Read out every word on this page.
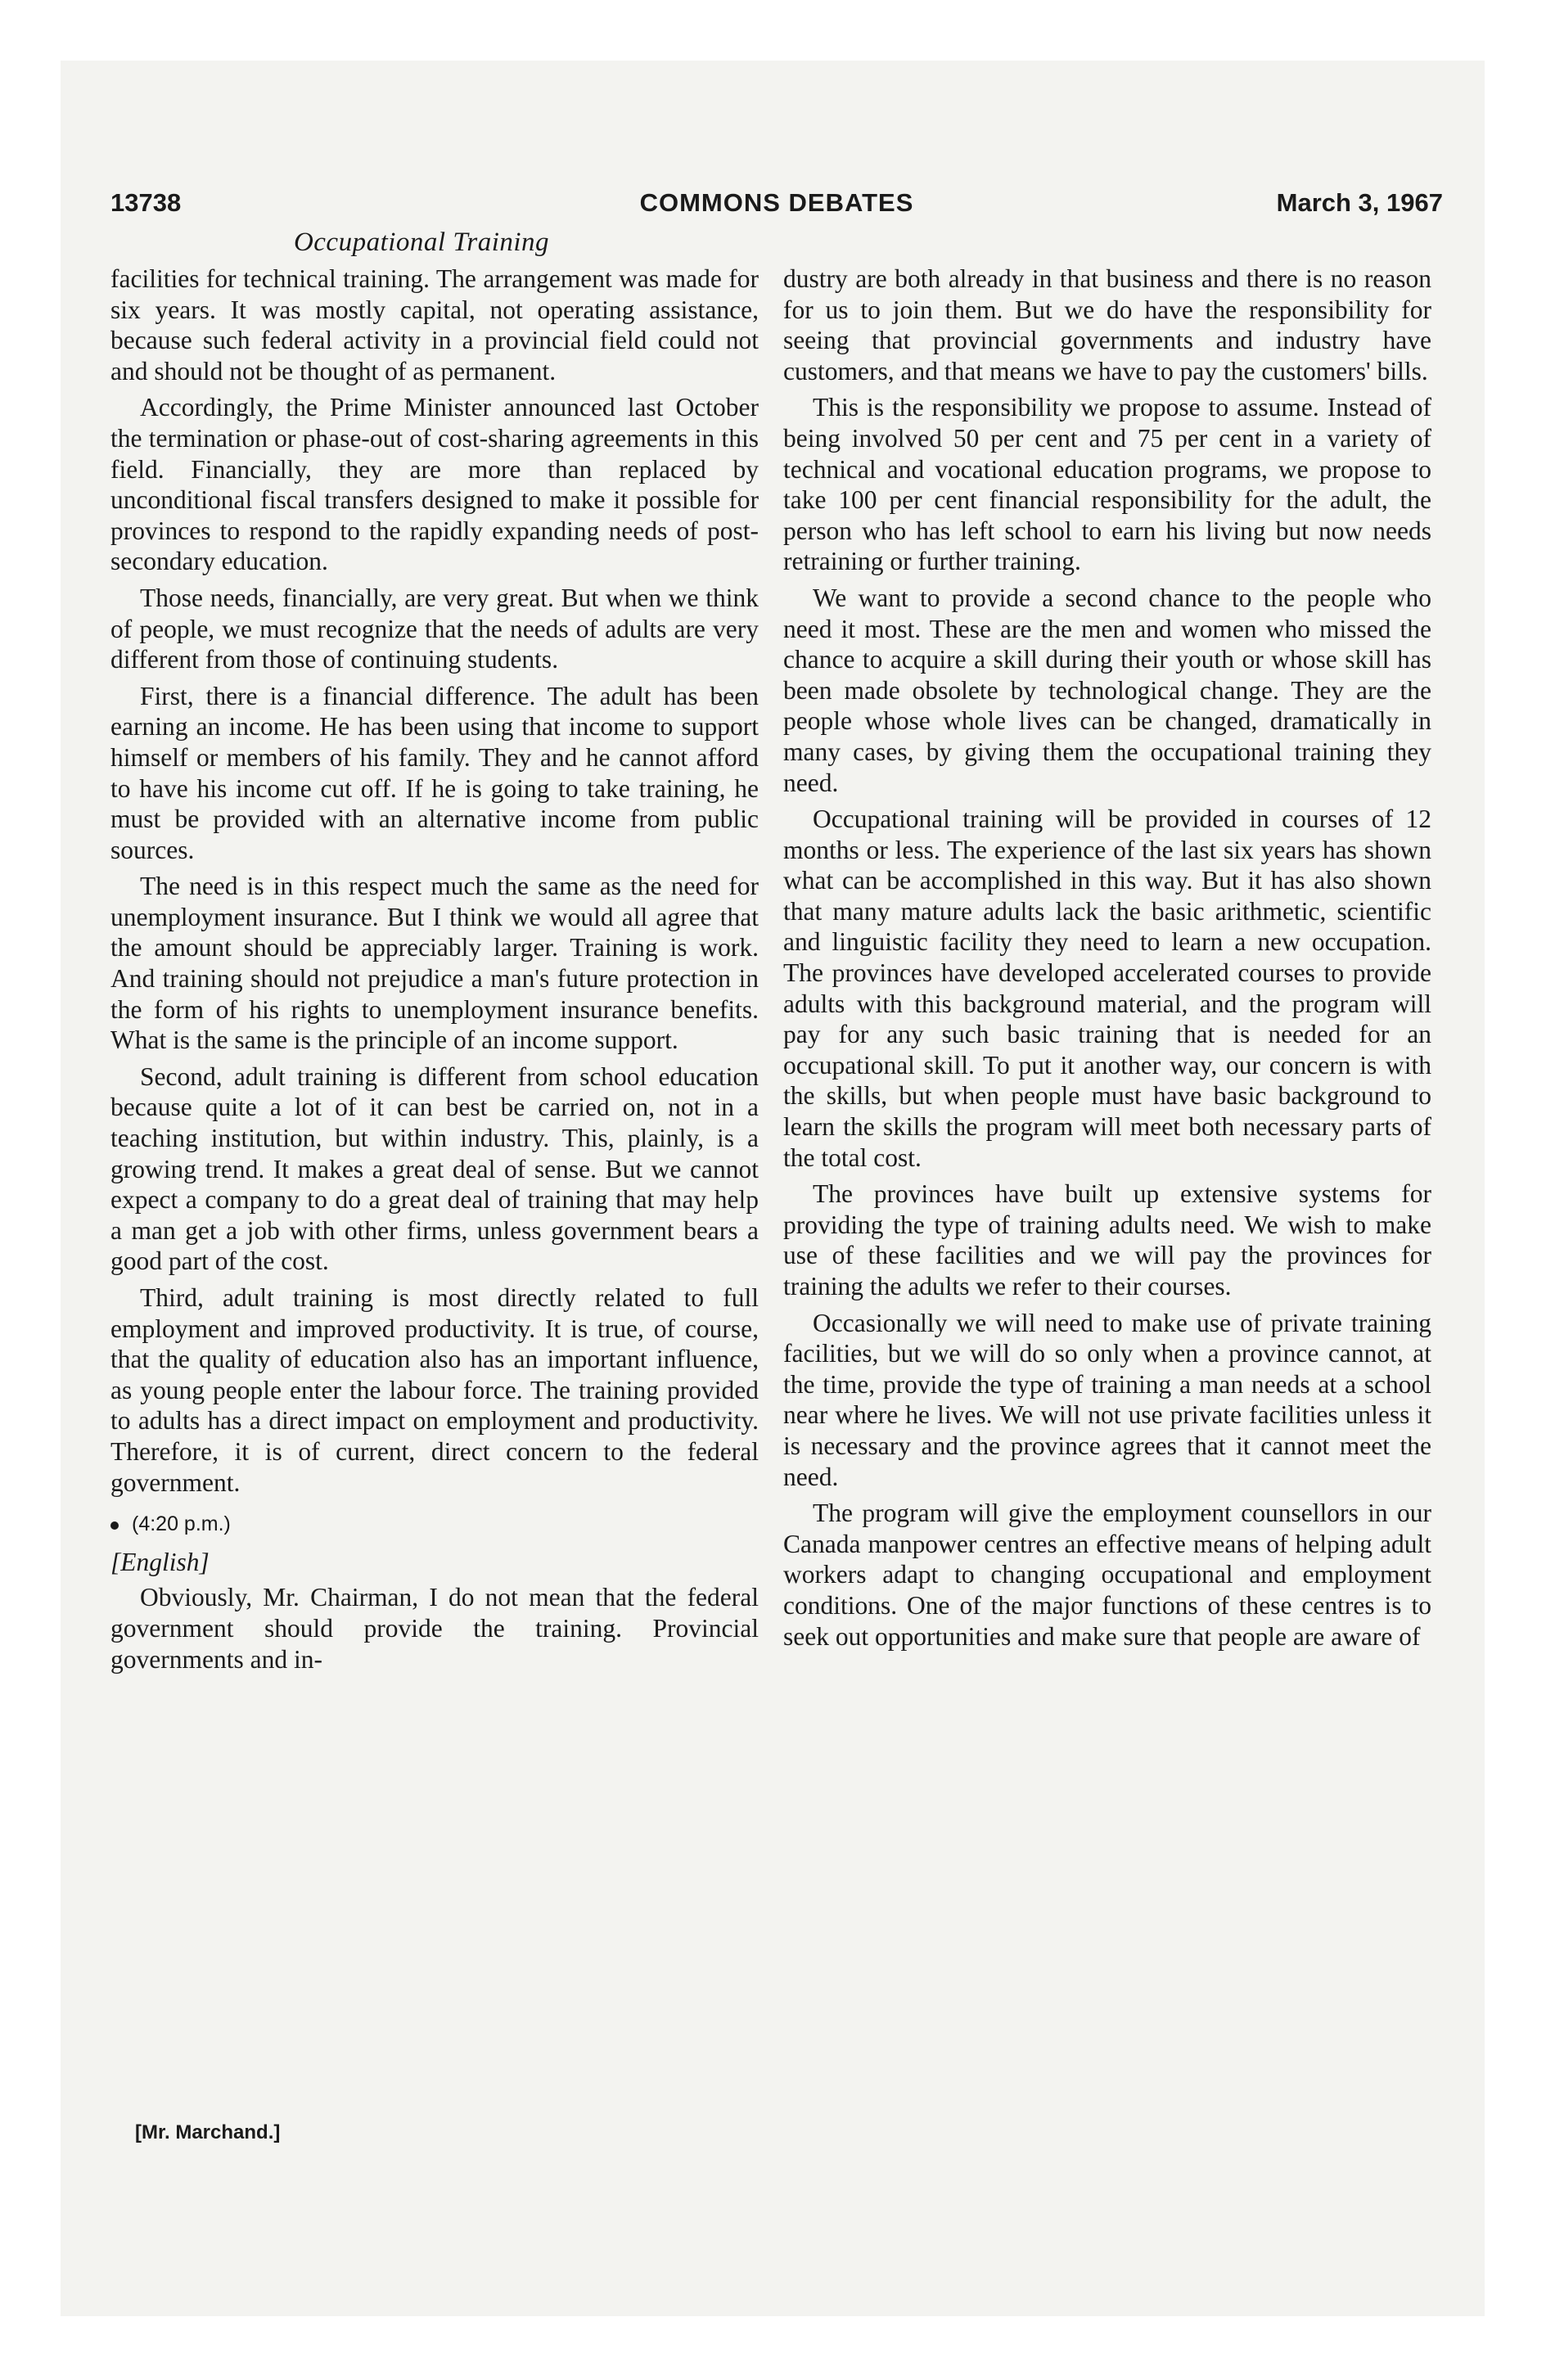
13738	COMMONS DEBATES	March 3, 1967
Occupational Training

facilities for technical training. The arrangement was made for six years. It was mostly capital, not operating assistance, because such federal activity in a provincial field could not and should not be thought of as permanent.

Accordingly, the Prime Minister announced last October the termination or phase-out of cost-sharing agreements in this field. Financially, they are more than replaced by unconditional fiscal transfers designed to make it possible for provinces to respond to the rapidly expanding needs of post-secondary education.

Those needs, financially, are very great. But when we think of people, we must recognize that the needs of adults are very different from those of continuing students.

First, there is a financial difference. The adult has been earning an income. He has been using that income to support himself or members of his family. They and he cannot afford to have his income cut off. If he is going to take training, he must be provided with an alternative income from public sources.

The need is in this respect much the same as the need for unemployment insurance. But I think we would all agree that the amount should be appreciably larger. Training is work. And training should not prejudice a man's future protection in the form of his rights to unemployment insurance benefits. What is the same is the principle of an income support.

Second, adult training is different from school education because quite a lot of it can best be carried on, not in a teaching institution, but within industry. This, plainly, is a growing trend. It makes a great deal of sense. But we cannot expect a company to do a great deal of training that may help a man get a job with other firms, unless government bears a good part of the cost.

Third, adult training is most directly related to full employment and improved productivity. It is true, of course, that the quality of education also has an important influence, as young people enter the labour force. The training provided to adults has a direct impact on employment and productivity. Therefore, it is of current, direct concern to the federal government.

(4:20 p.m.)
[English]

Obviously, Mr. Chairman, I do not mean that the federal government should provide the training. Provincial governments and in-

[Mr. Marchand.]

dustry are both already in that business and there is no reason for us to join them. But we do have the responsibility for seeing that provincial governments and industry have customers, and that means we have to pay the customers' bills.

This is the responsibility we propose to assume. Instead of being involved 50 per cent and 75 per cent in a variety of technical and vocational education programs, we propose to take 100 per cent financial responsibility for the adult, the person who has left school to earn his living but now needs retraining or further training.

We want to provide a second chance to the people who need it most. These are the men and women who missed the chance to acquire a skill during their youth or whose skill has been made obsolete by technological change. They are the people whose whole lives can be changed, dramatically in many cases, by giving them the occupational training they need.

Occupational training will be provided in courses of 12 months or less. The experience of the last six years has shown what can be accomplished in this way. But it has also shown that many mature adults lack the basic arithmetic, scientific and linguistic facility they need to learn a new occupation. The provinces have developed accelerated courses to provide adults with this background material, and the program will pay for any such basic training that is needed for an occupational skill. To put it another way, our concern is with the skills, but when people must have basic background to learn the skills the program will meet both necessary parts of the total cost.

The provinces have built up extensive systems for providing the type of training adults need. We wish to make use of these facilities and we will pay the provinces for training the adults we refer to their courses.

Occasionally we will need to make use of private training facilities, but we will do so only when a province cannot, at the time, provide the type of training a man needs at a school near where he lives. We will not use private facilities unless it is necessary and the province agrees that it cannot meet the need.

The program will give the employment counsellors in our Canada manpower centres an effective means of helping adult workers adapt to changing occupational and employment conditions. One of the major functions of these centres is to seek out opportunities and make sure that people are aware of
